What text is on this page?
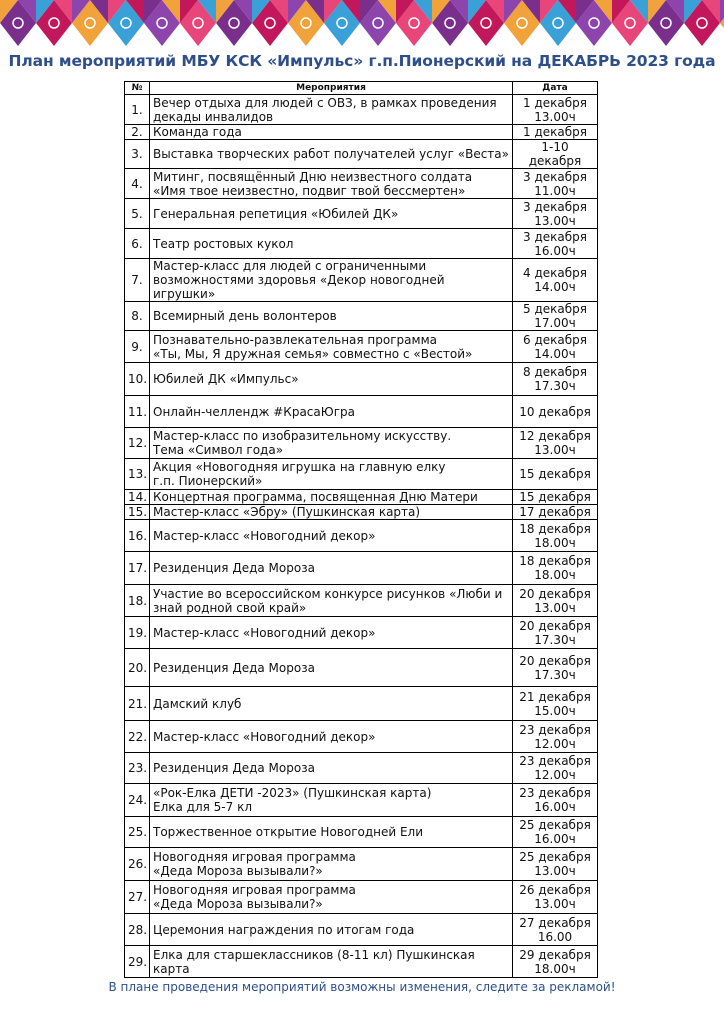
План мероприятий МБУ КСК «Импульс» г.п.Пионерский на ДЕКАБРЬ 2023 года
№	Мероприятия	Дата
1.	Вечер отдыха для людей с ОВЗ, в рамках проведения
декады инвалидов	1 декабря
13.00ч
2.	Команда года	1 декабря
3.	Выставка творческих работ получателей услуг «Веста»	1-10 декабря
4.	Митинг, посвящённый Дню неизвестного солдата
«Имя твое неизвестно, подвиг твой бессмертен»	3 декабря
11.00ч
5.	Генеральная репетиция «Юбилей ДК»	3 декабря
13.00ч
6.	Театр ростовых кукол	3 декабря
16.00ч
7.	Мастер-класс для людей с ограниченными
возможностями здоровья «Декор новогодней игрушки»	4 декабря
14.00ч
8.	Всемирный день волонтеров	5 декабря
17.00ч
9.	Познавательно-развлекательная программа
«Ты, Мы, Я дружная семья» совместно с «Вестой»	6 декабря
14.00ч
10.	Юбилей ДК «Импульс»	8 декабря
17.30ч
11.	Онлайн-челлендж #КрасаЮгра	10 декабря
12.	Мастер-класс по изобразительному искусству.
Тема «Символ года»	12 декабря
13.00ч
13.	Акция «Новогодняя игрушка на главную елку
г.п. Пионерский»	15 декабря
14.	Концертная программа, посвященная Дню Матери	15 декабря
15.	Мастер-класс «Эбру» (Пушкинская карта)	17 декабря
16.	Мастер-класс «Новогодний декор»	18 декабря
18.00ч
17.	Резиденция Деда Мороза	18 декабря
18.00ч
18.	Участие во всероссийском конкурсе рисунков «Люби и
знай родной свой край»	20 декабря
13.00ч
19.	Мастер-класс «Новогодний декор»	20 декабря
17.30ч
20.	Резиденция Деда Мороза	20 декабря
17.30ч
21.	Дамский клуб	21 декабря
15.00ч
22.	Мастер-класс «Новогодний декор»	23 декабря
12.00ч
23.	Резиденция Деда Мороза	23 декабря
12.00ч
24.	«Рок-Елка ДЕТИ -2023» (Пушкинская карта)
Елка для 5-7 кл	23 декабря
16.00ч
25.	Торжественное открытие Новогодней Ели	25 декабря
16.00ч
26.	Новогодняя игровая программа
«Деда Мороза вызывали?»	25 декабря
13.00ч
27.	Новогодняя игровая программа
«Деда Мороза вызывали?»	26 декабря
13.00ч
28.	Церемония награждения по итогам года	27 декабря
16.00
29.	Елка для старшеклассников (8-11 кл) Пушкинская карта	29 декабря
18.00ч
В плане проведения мероприятий возможны изменения, следите за рекламой!
